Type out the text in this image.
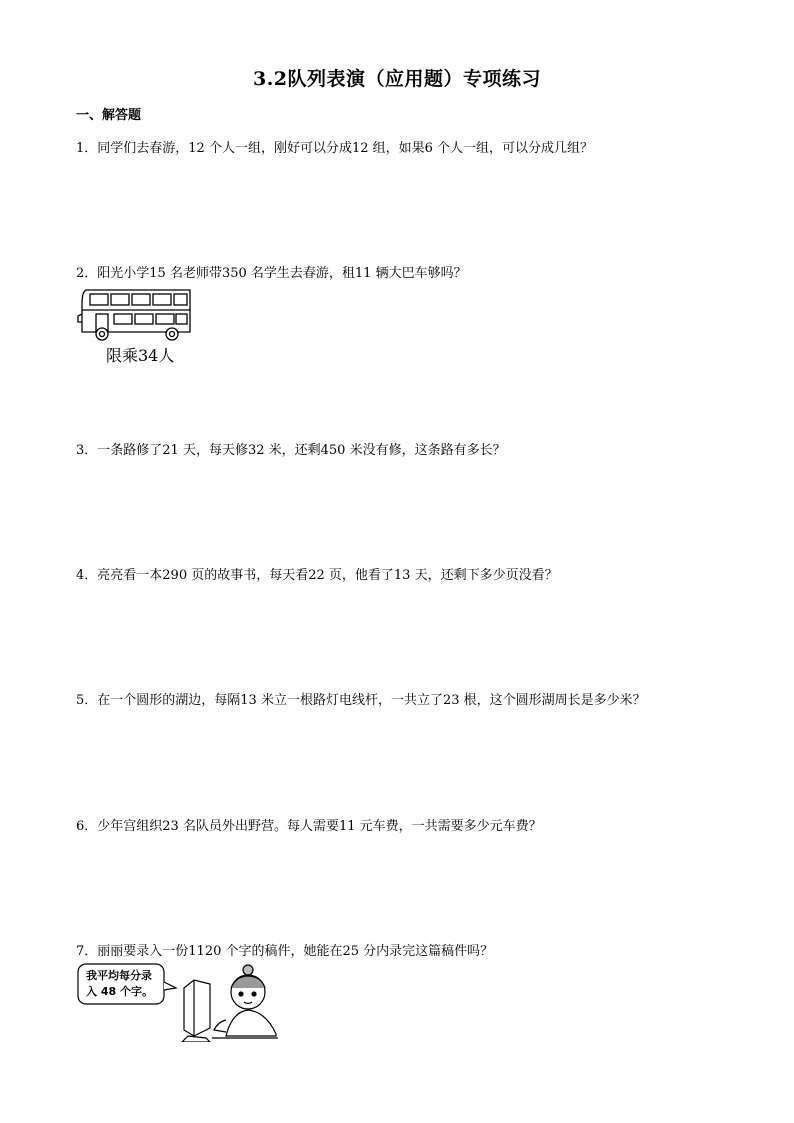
3.2队列表演（应用题）专项练习
一、解答题
1．同学们去春游，12 个人一组，刚好可以分成12 组，如果6 个人一组，可以分成几组？
2．阳光小学15 名老师带350 名学生去春游，租11 辆大巴车够吗？
限乘34人
3．一条路修了21 天，每天修32 米，还剩450 米没有修，这条路有多长？
4．亮亮看一本290 页的故事书，每天看22 页，他看了13 天，还剩下多少页没看？
5．在一个圆形的湖边，每隔13 米立一根路灯电线杆，一共立了23 根，这个圆形湖周长是多少米？
6．少年宫组织23 名队员外出野营。每人需要11 元车费，一共需要多少元车费？
7．丽丽要录入一份1120 个字的稿件，她能在25 分内录完这篇稿件吗？
我平均每分录
入 48 个字。
